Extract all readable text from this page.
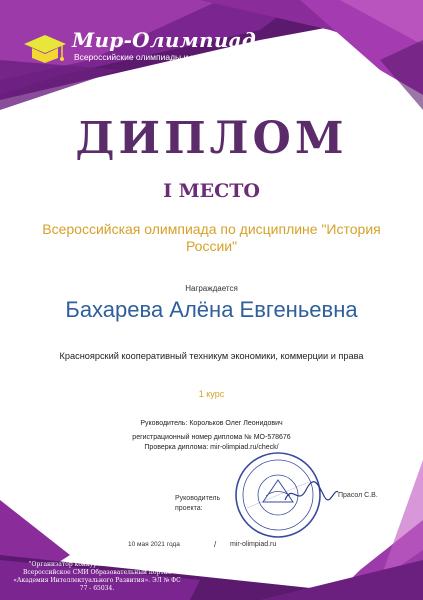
Мир-Олимпиад
Всероссийские олимпиады и конкурсы
ДИПЛОМ
I МЕСТО
Всероссийская олимпиада по дисциплине "История России"
Награждается
Бахарева Алёна Евгеньевна
Красноярский кооперативный техникум экономики, коммерции и права
1 курс
Руководитель: Корольков Олег Леонидович
регистрационный номер диплома № МО-578676
Проверка диплома: mir-olimpiad.ru/check/
Руководитель проекта:
Прасол С.В.
10 мая 2021 года	/ mir-olimpiad.ru
"Организатор конкурсов «Мир Олимпиад»
Всероссийское СМИ Образовательный портал
«Академия Интеллектуального Развития». ЭЛ № ФС 77 - 65034.
